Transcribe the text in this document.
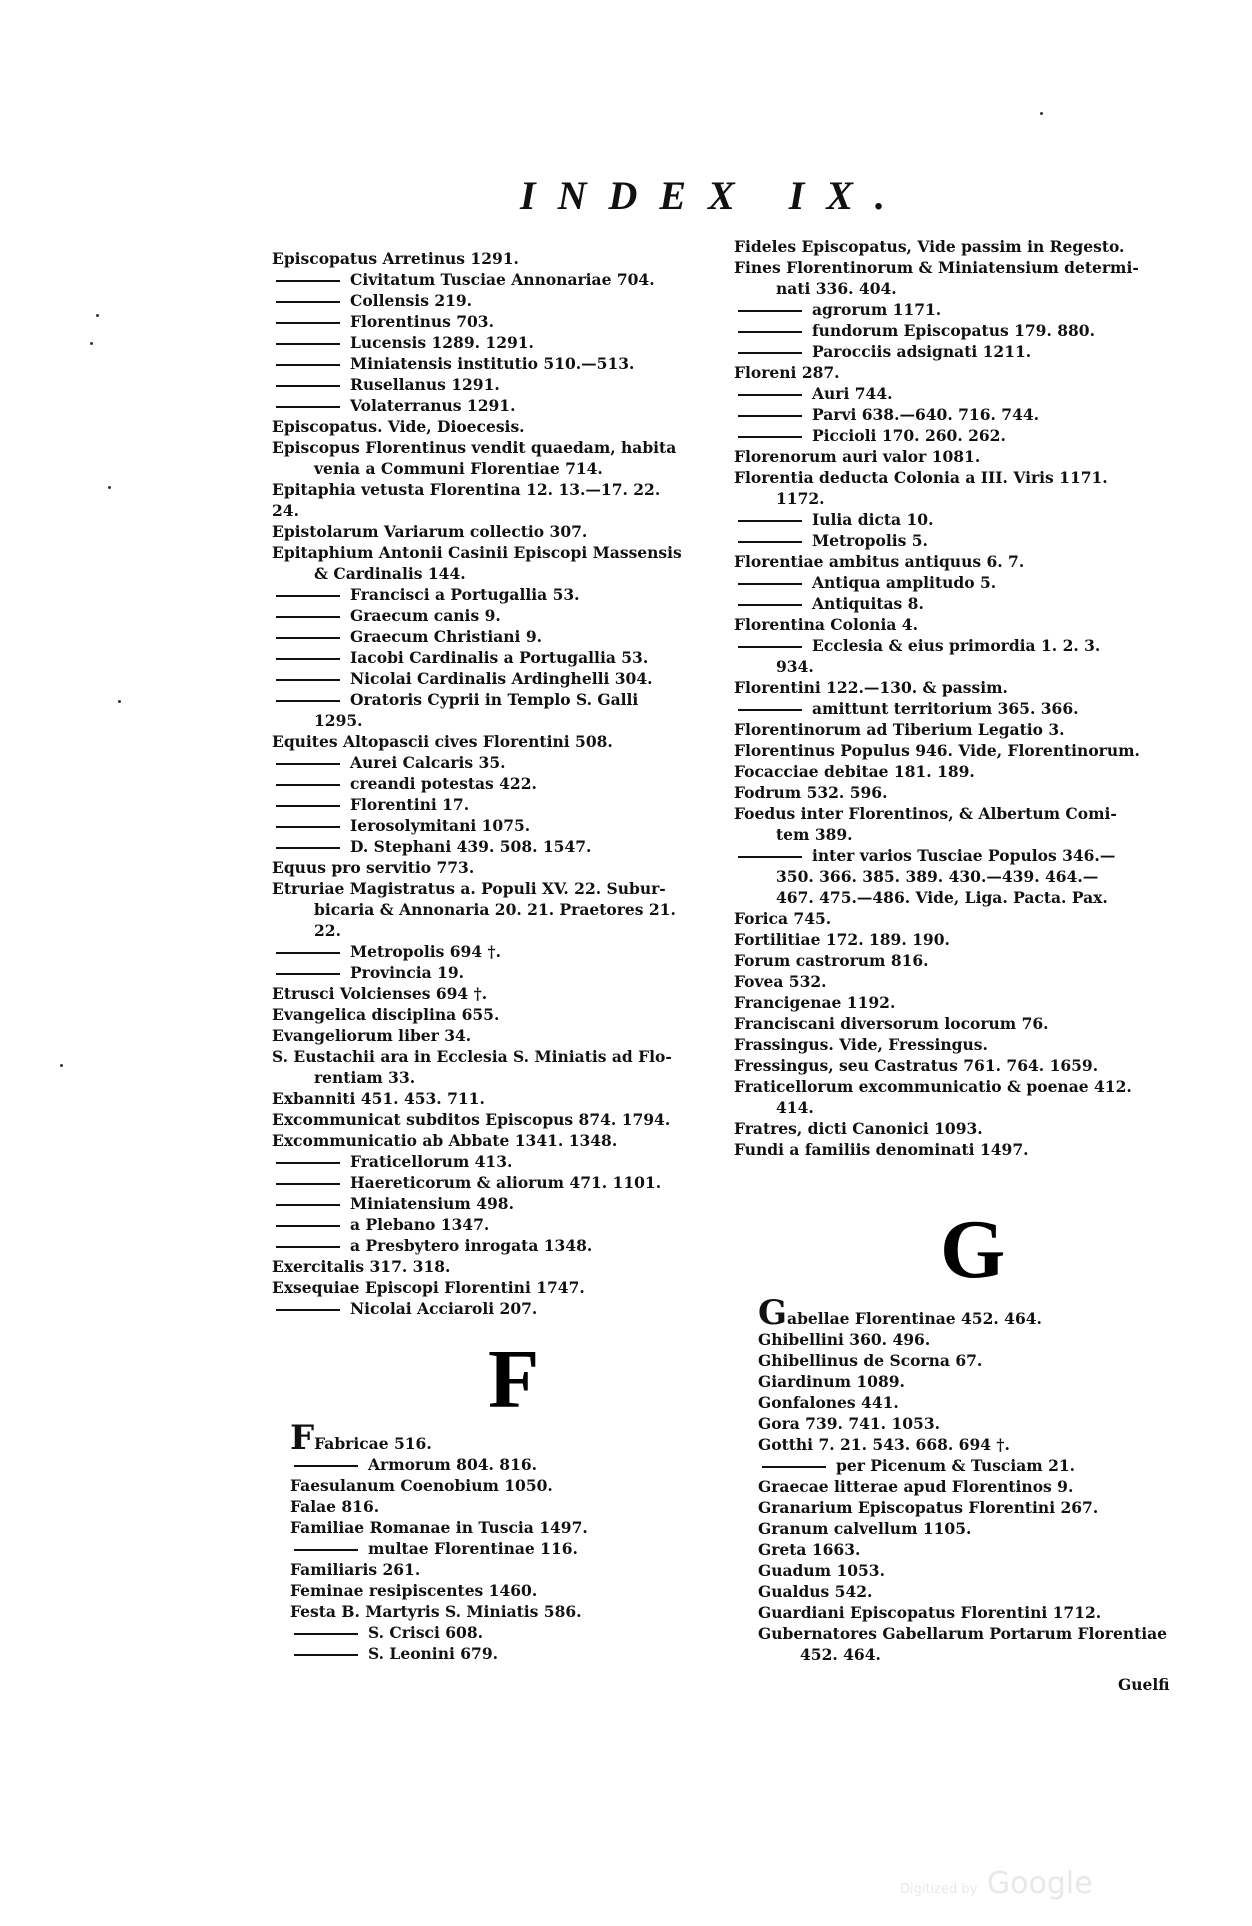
INDEX IX.
Episcopatus Arretinus 1291.
Civitatum Tusciae Annonariae 704.
Collensis 219.
Florentinus 703.
Lucensis 1289. 1291.
Miniatensis institutio 510.—513.
Rusellanus 1291.
Volaterranus 1291.
Episcopatus. Vide, Dioecesis.
Episcopus Florentinus vendit quaedam, habita
venia a Communi Florentiae 714.
Epitaphia vetusta Florentina 12. 13.—17. 22. 24.
Epistolarum Variarum collectio 307.
Epitaphium Antonii Casinii Episcopi Massensis
& Cardinalis 144.
Francisci a Portugallia 53.
Graecum canis 9.
Graecum Christiani 9.
Iacobi Cardinalis a Portugallia 53.
Nicolai Cardinalis Ardinghelli 304.
Oratoris Cyprii in Templo S. Galli
1295.
Equites Altopascii cives Florentini 508.
Aurei Calcaris 35.
creandi potestas 422.
Florentini 17.
Ierosolymitani 1075.
D. Stephani 439. 508. 1547.
Equus pro servitio 773.
Etruriae Magistratus a. Populi XV. 22. Subur-
bicaria & Annonaria 20. 21. Praetores 21.
22.
Metropolis 694 †.
Provincia 19.
Etrusci Volcienses 694 †.
Evangelica disciplina 655.
Evangeliorum liber 34.
S. Eustachii ara in Ecclesia S. Miniatis ad Flo-
rentiam 33.
Exbanniti 451. 453. 711.
Excommunicat subditos Episcopus 874. 1794.
Excommunicatio ab Abbate 1341. 1348.
Fraticellorum 413.
Haereticorum & aliorum 471. 1101.
Miniatensium 498.
a Plebano 1347.
a Presbytero inrogata 1348.
Exercitalis 317. 318.
Exsequiae Episcopi Florentini 1747.
Nicolai Acciaroli 207.
F
FFabricae 516.
Armorum 804. 816.
Faesulanum Coenobium 1050.
Falae 816.
Familiae Romanae in Tuscia 1497.
multae Florentinae 116.
Familiaris 261.
Feminae resipiscentes 1460.
Festa B. Martyris S. Miniatis 586.
S. Crisci 608.
S. Leonini 679.
Fideles Episcopatus, Vide passim in Regesto.
Fines Florentinorum & Miniatensium determi-
nati 336. 404.
agrorum 1171.
fundorum Episcopatus 179. 880.
Parocciis adsignati 1211.
Floreni 287.
Auri 744.
Parvi 638.—640. 716. 744.
Piccioli 170. 260. 262.
Florenorum auri valor 1081.
Florentia deducta Colonia a III. Viris 1171.
1172.
Iulia dicta 10.
Metropolis 5.
Florentiae ambitus antiquus 6. 7.
Antiqua amplitudo 5.
Antiquitas 8.
Florentina Colonia 4.
Ecclesia & eius primordia 1. 2. 3.
934.
Florentini 122.—130. & passim.
amittunt territorium 365. 366.
Florentinorum ad Tiberium Legatio 3.
Florentinus Populus 946. Vide, Florentinorum.
Focacciae debitae 181. 189.
Fodrum 532. 596.
Foedus inter Florentinos, & Albertum Comi-
tem 389.
inter varios Tusciae Populos 346.—
350. 366. 385. 389. 430.—439. 464.—
467. 475.—486. Vide, Liga. Pacta. Pax.
Forica 745.
Fortilitiae 172. 189. 190.
Forum castrorum 816.
Fovea 532.
Francigenae 1192.
Franciscani diversorum locorum 76.
Frassingus. Vide, Fressingus.
Fressingus, seu Castratus 761. 764. 1659.
Fraticellorum excommunicatio & poenae 412.
414.
Fratres, dicti Canonici 1093.
Fundi a familiis denominati 1497.
G
Gabellae Florentinae 452. 464.
Ghibellini 360. 496.
Ghibellinus de Scorna 67.
Giardinum 1089.
Gonfalones 441.
Gora 739. 741. 1053.
Gotthi 7. 21. 543. 668. 694 †.
per Picenum & Tusciam 21.
Graecae litterae apud Florentinos 9.
Granarium Episcopatus Florentini 267.
Granum calvellum 1105.
Greta 1663.
Guadum 1053.
Gualdus 542.
Guardiani Episcopatus Florentini 1712.
Gubernatores Gabellarum Portarum Florentiae
452. 464.
Guelfi
Digitized by Google
